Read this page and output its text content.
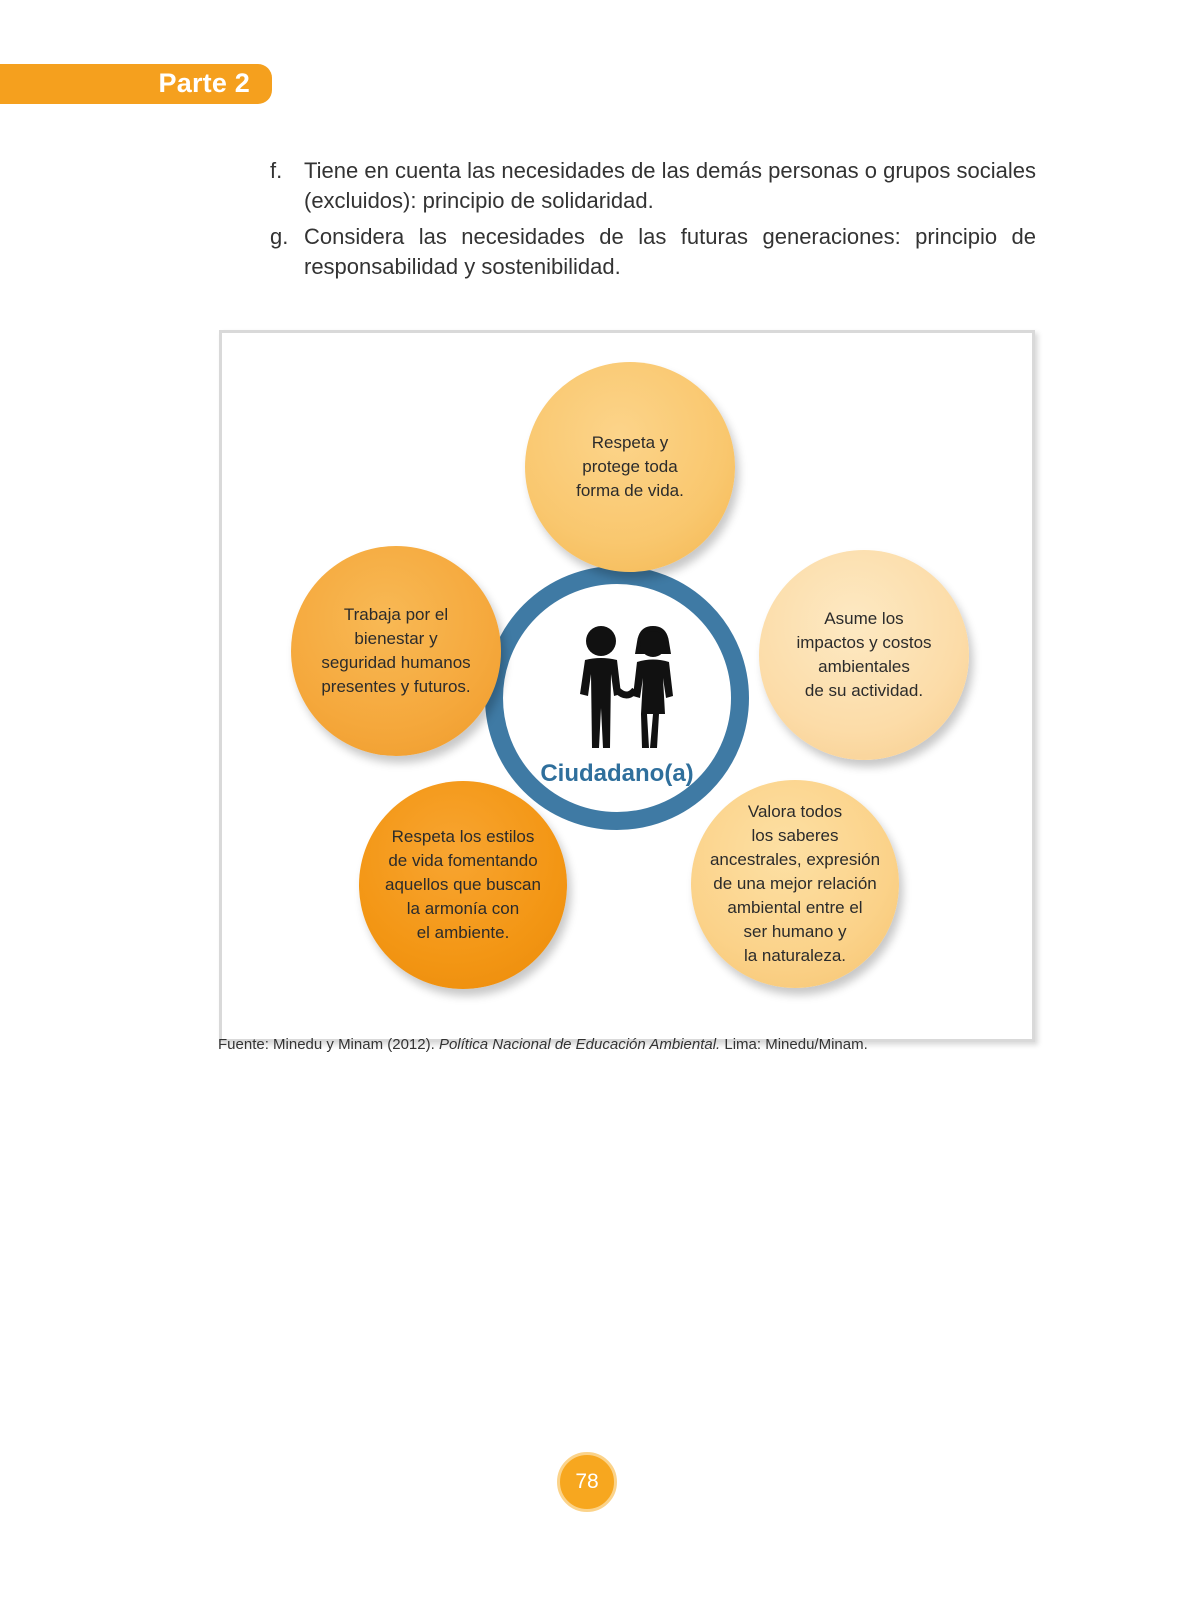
Parte 2
f. Tiene en cuenta las necesidades de las demás personas o grupos sociales (excluidos): principio de solidaridad.
g. Considera las necesidades de las futuras generaciones: principio de responsabilidad y sostenibilidad.
Ciudadano(a)
Respeta y
protege toda
forma de vida.
Asume los
impactos y costos
ambientales
de su actividad.
Trabaja por el
bienestar y
seguridad humanos
presentes y futuros.
Respeta los estilos
de vida fomentando
aquellos que buscan
la armonía con
el ambiente.
Valora todos
los saberes
ancestrales, expresión
de una mejor relación
ambiental entre el
ser humano y
la naturaleza.
Fuente: Minedu y Minam (2012). Política Nacional de Educación Ambiental. Lima: Minedu/Minam.
78
